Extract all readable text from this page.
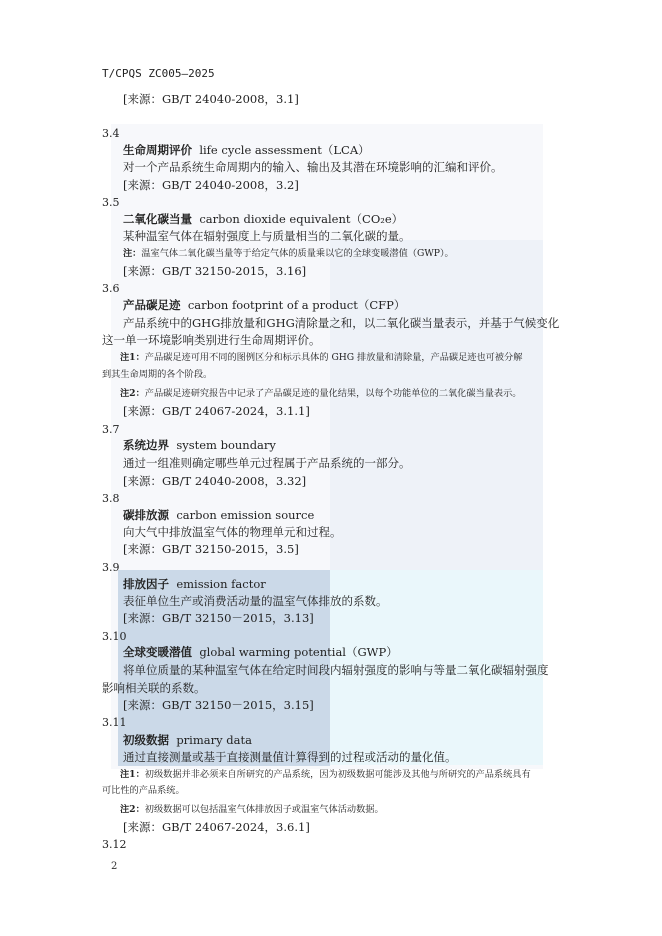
T/CPQS ZC005—2025
[来源：GB/T 24040-2008，3.1]
3.4
生命周期评价 life cycle assessment（LCA）
对一个产品系统生命周期内的输入、输出及其潜在环境影响的汇编和评价。
[来源：GB/T 24040-2008，3.2]
3.5
二氧化碳当量 carbon dioxide equivalent（CO₂e）
某种温室气体在辐射强度上与质量相当的二氧化碳的量。
注：温室气体二氧化碳当量等于给定气体的质量乘以它的全球变暖潜值（GWP）。
[来源：GB/T 32150-2015，3.16]
3.6
产品碳足迹 carbon footprint of a product（CFP）
产品系统中的GHG排放量和GHG清除量之和，以二氧化碳当量表示，并基于气候变化
这一单一环境影响类别进行生命周期评价。
注1：产品碳足迹可用不同的图例区分和标示具体的 GHG 排放量和清除量，产品碳足迹也可被分解
到其生命周期的各个阶段。
注2：产品碳足迹研究报告中记录了产品碳足迹的量化结果，以每个功能单位的二氧化碳当量表示。
[来源：GB/T 24067-2024，3.1.1]
3.7
系统边界 system boundary
通过一组准则确定哪些单元过程属于产品系统的一部分。
[来源：GB/T 24040-2008，3.32]
3.8
碳排放源 carbon emission source
向大气中排放温室气体的物理单元和过程。
[来源：GB/T 32150-2015，3.5]
3.9
排放因子 emission factor
表征单位生产或消费活动量的温室气体排放的系数。
[来源：GB/T 32150－2015，3.13]
3.10
全球变暖潜值 global warming potential（GWP）
将单位质量的某种温室气体在给定时间段内辐射强度的影响与等量二氧化碳辐射强度
影响相关联的系数。
[来源：GB/T 32150－2015，3.15]
3.11
初级数据 primary data
通过直接测量或基于直接测量值计算得到的过程或活动的量化值。
注1：初级数据并非必须来自所研究的产品系统，因为初级数据可能涉及其他与所研究的产品系统具有
可比性的产品系统。
注2：初级数据可以包括温室气体排放因子或温室气体活动数据。
[来源：GB/T 24067-2024，3.6.1]
3.12
2
